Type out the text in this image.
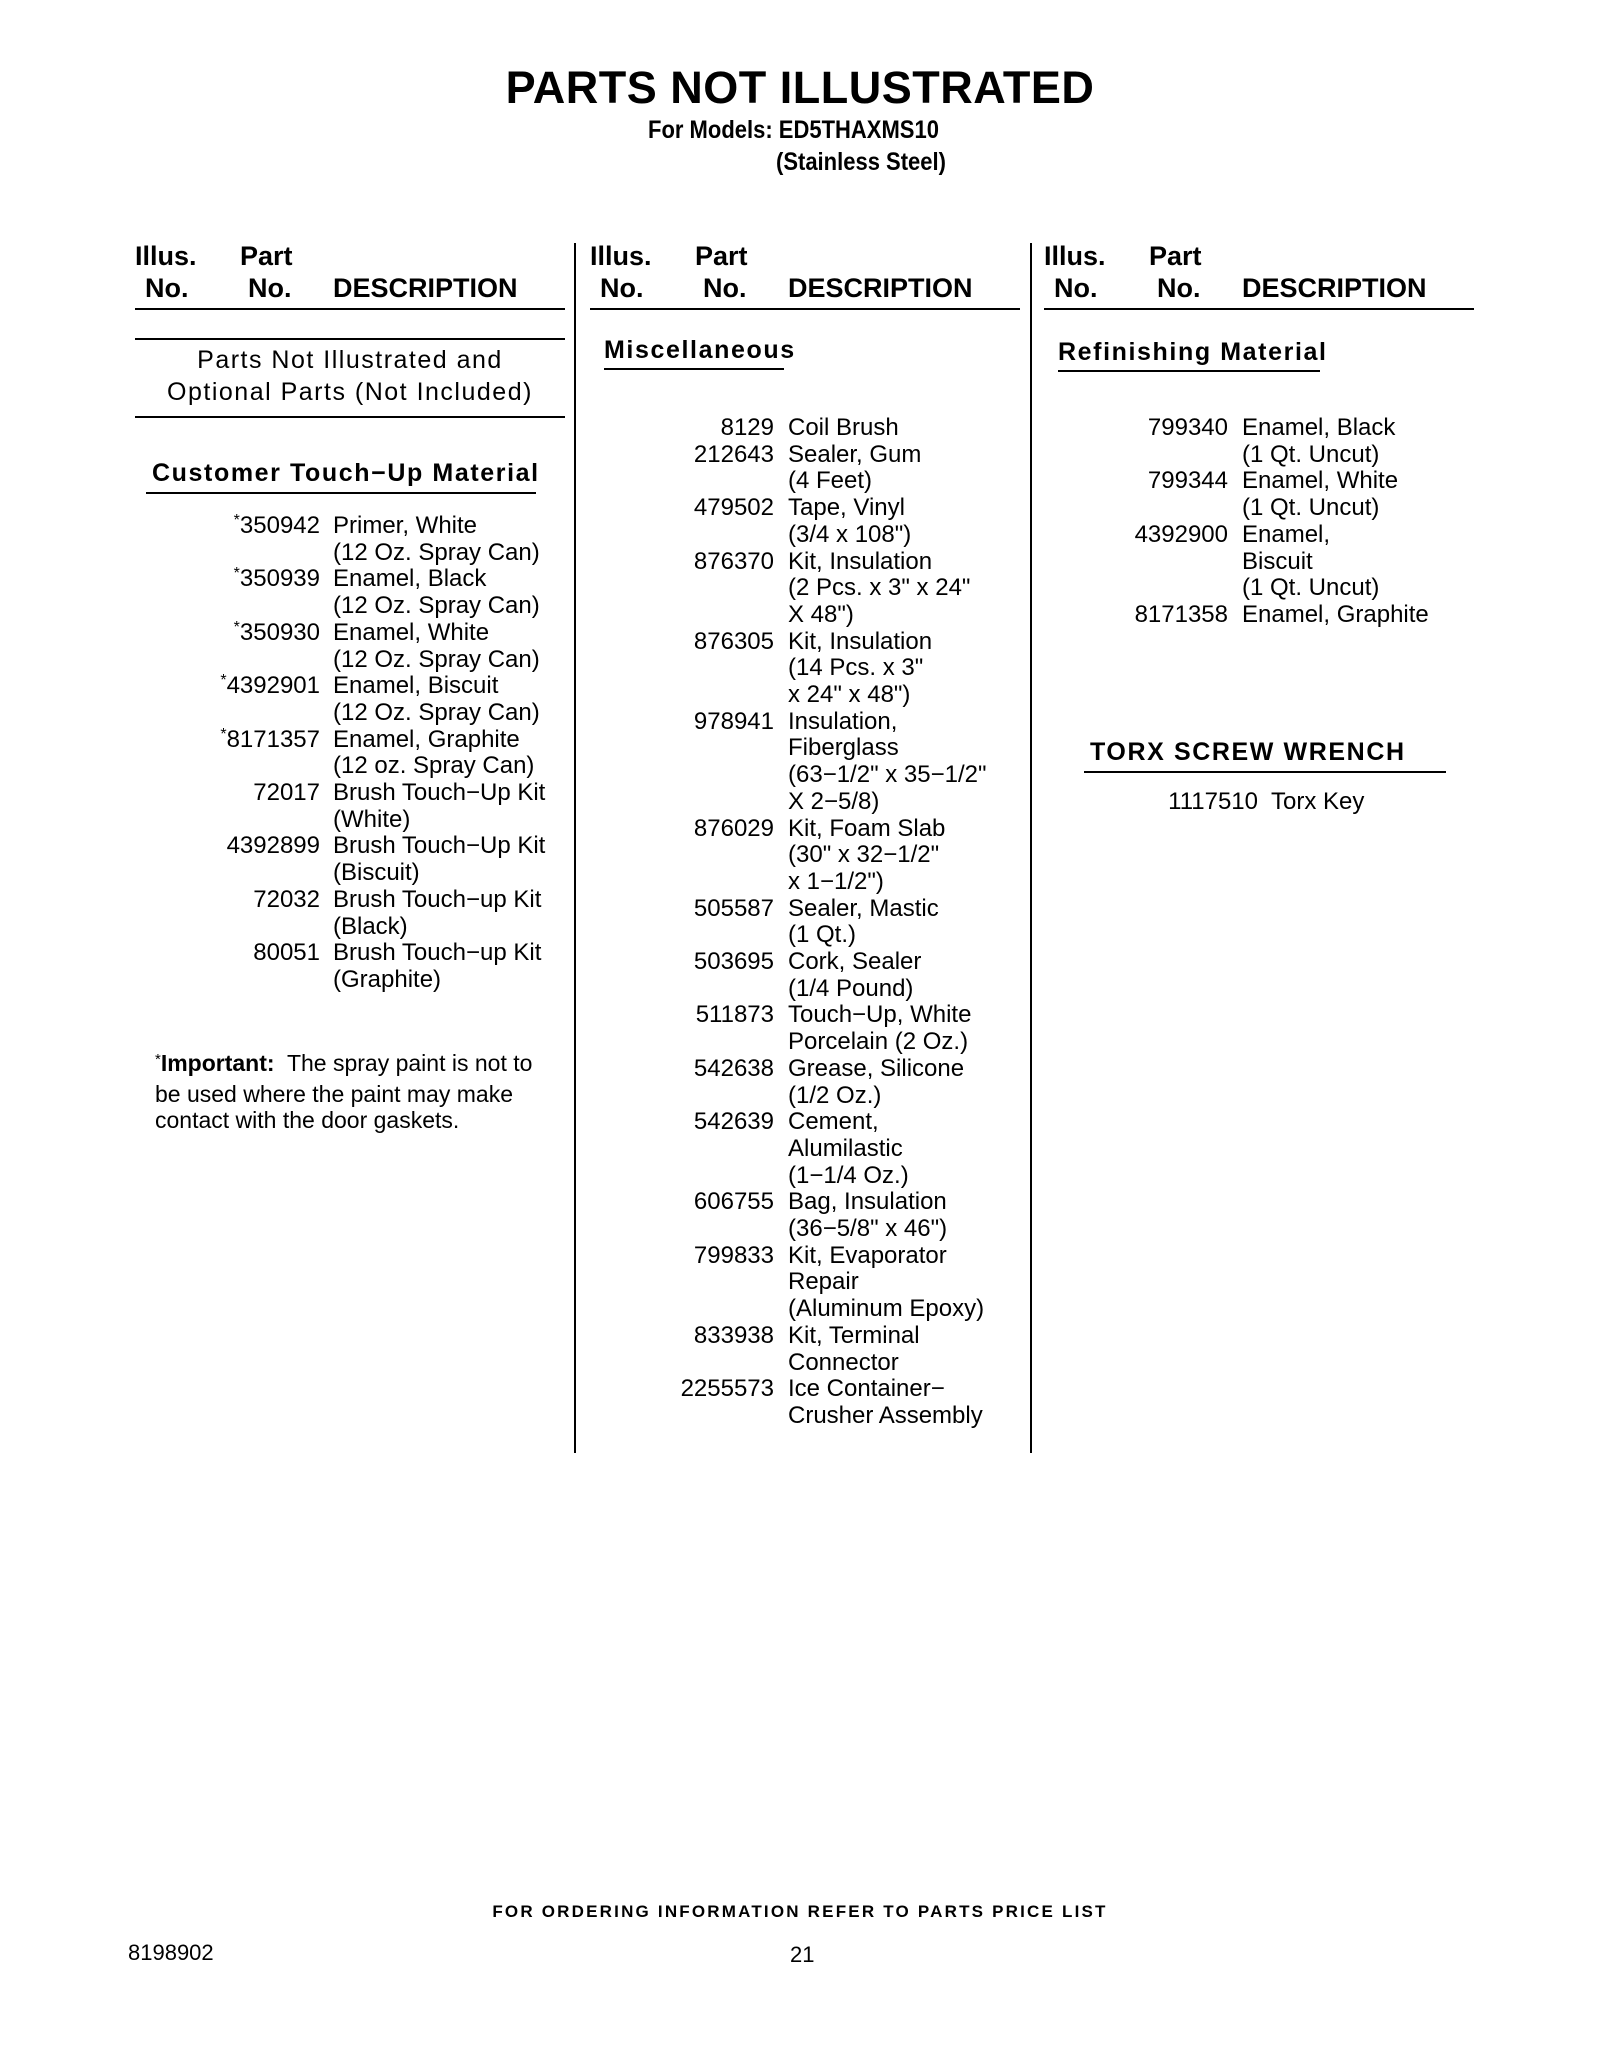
PARTS NOT ILLUSTRATED
For Models: ED5THAXMS10
(Stainless Steel)
Illus. Part
No. No. DESCRIPTION
Parts Not Illustrated and
Optional Parts (Not Included)
Customer Touch−Up Material
*350942 Primer, White
(12 Oz. Spray Can)
*350939 Enamel, Black
(12 Oz. Spray Can)
*350930 Enamel, White
(12 Oz. Spray Can)
*4392901 Enamel, Biscuit
(12 Oz. Spray Can)
*8171357 Enamel, Graphite
(12 oz. Spray Can)
72017 Brush Touch−Up Kit
(White)
4392899 Brush Touch−Up Kit
(Biscuit)
72032 Brush Touch−up Kit
(Black)
80051 Brush Touch−up Kit
(Graphite)
Illus. Part
No. No. DESCRIPTION
Miscellaneous
8129 Coil Brush
212643 Sealer, Gum
(4 Feet)
479502 Tape, Vinyl
(3/4 x 108")
876370 Kit, Insulation
(2 Pcs. x 3" x 24"
X 48")
876305 Kit, Insulation
(14 Pcs. x 3"
x 24" x 48")
978941 Insulation,
Fiberglass
(63−1/2" x 35−1/2"
X 2−5/8)
876029 Kit, Foam Slab
(30" x 32−1/2"
x 1−1/2")
505587 Sealer, Mastic
(1 Qt.)
503695 Cork, Sealer
(1/4 Pound)
511873 Touch−Up, White
Porcelain (2 Oz.)
542638 Grease, Silicone
(1/2 Oz.)
542639 Cement,
Alumilastic
(1−1/4 Oz.)
606755 Bag, Insulation
(36−5/8" x 46")
799833 Kit, Evaporator
Repair
(Aluminum Epoxy)
833938 Kit, Terminal
Connector
2255573 Ice Container−
Crusher Assembly
Illus. Part
No. No. DESCRIPTION
Refinishing Material
799340 Enamel, Black
(1 Qt. Uncut)
799344 Enamel, White
(1 Qt. Uncut)
4392900 Enamel,
Biscuit
(1 Qt. Uncut)
8171358 Enamel, Graphite
TORX SCREW WRENCH
1117510 Torx Key
*Important: The spray paint is not to be used where the paint may make contact with the door gaskets.
FOR ORDERING INFORMATION REFER TO PARTS PRICE LIST
8198902	21
